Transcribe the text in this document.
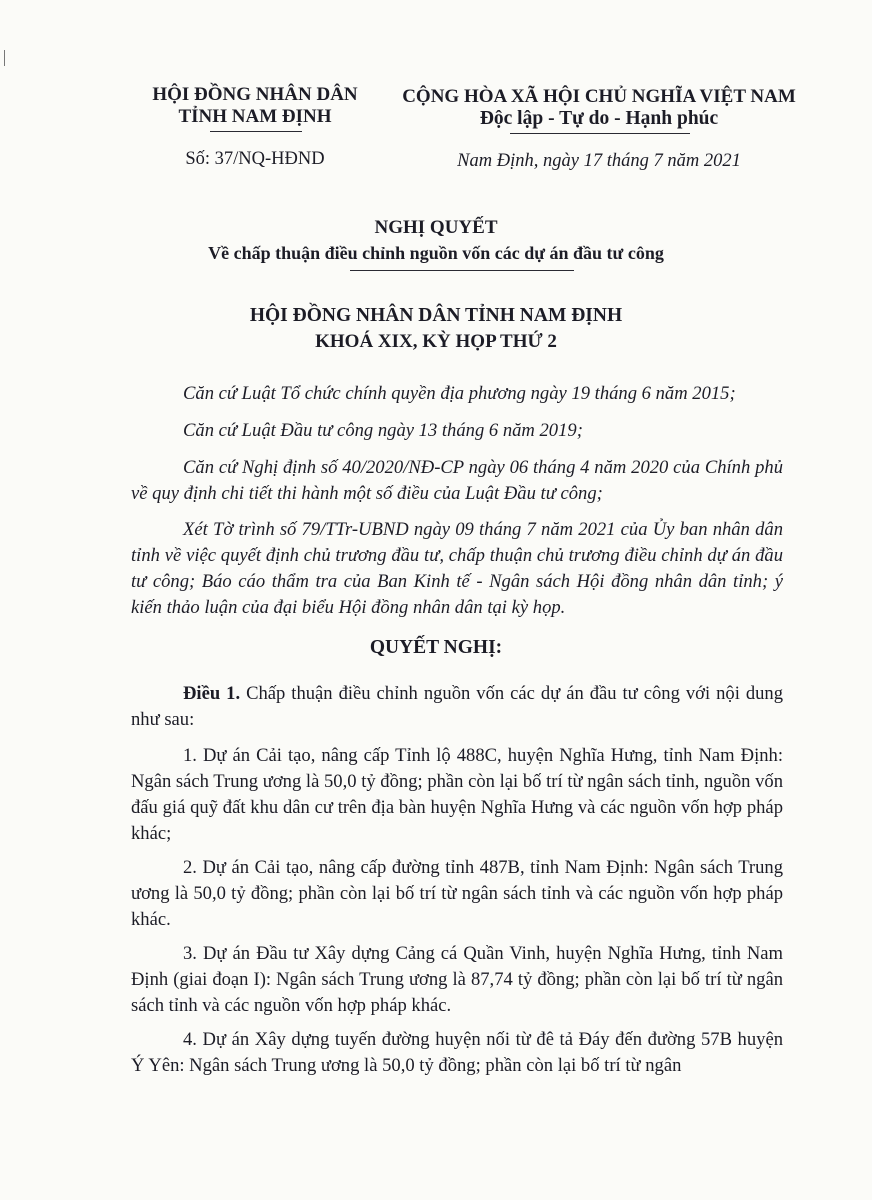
HỘI ĐỒNG NHÂN DÂN
TỈNH NAM ĐỊNH
Số: 37/NQ-HĐND
CỘNG HÒA XÃ HỘI CHỦ NGHĨA VIỆT NAM
Độc lập - Tự do - Hạnh phúc
Nam Định, ngày 17 tháng 7 năm 2021
NGHỊ QUYẾT
Về chấp thuận điều chỉnh nguồn vốn các dự án đầu tư công
HỘI ĐỒNG NHÂN DÂN TỈNH NAM ĐỊNH
KHOÁ XIX, KỲ HỌP THỨ 2
Căn cứ Luật Tổ chức chính quyền địa phương ngày 19 tháng 6 năm 2015;
Căn cứ Luật Đầu tư công ngày 13 tháng 6 năm 2019;
Căn cứ Nghị định số 40/2020/NĐ-CP ngày 06 tháng 4 năm 2020 của Chính phủ về quy định chi tiết thi hành một số điều của Luật Đầu tư công;
Xét Tờ trình số 79/TTr-UBND ngày 09 tháng 7 năm 2021 của Ủy ban nhân dân tỉnh về việc quyết định chủ trương đầu tư, chấp thuận chủ trương điều chỉnh dự án đầu tư công; Báo cáo thẩm tra của Ban Kinh tế - Ngân sách Hội đồng nhân dân tỉnh; ý kiến thảo luận của đại biểu Hội đồng nhân dân tại kỳ họp.
QUYẾT NGHỊ:
Điều 1. Chấp thuận điều chỉnh nguồn vốn các dự án đầu tư công với nội dung như sau:
1. Dự án Cải tạo, nâng cấp Tỉnh lộ 488C, huyện Nghĩa Hưng, tỉnh Nam Định: Ngân sách Trung ương là 50,0 tỷ đồng; phần còn lại bố trí từ ngân sách tỉnh, nguồn vốn đấu giá quỹ đất khu dân cư trên địa bàn huyện Nghĩa Hưng và các nguồn vốn hợp pháp khác;
2. Dự án Cải tạo, nâng cấp đường tỉnh 487B, tỉnh Nam Định: Ngân sách Trung ương là 50,0 tỷ đồng; phần còn lại bố trí từ ngân sách tỉnh và các nguồn vốn hợp pháp khác.
3. Dự án Đầu tư Xây dựng Cảng cá Quần Vinh, huyện Nghĩa Hưng, tỉnh Nam Định (giai đoạn I): Ngân sách Trung ương là 87,74 tỷ đồng; phần còn lại bố trí từ ngân sách tỉnh và các nguồn vốn hợp pháp khác.
4. Dự án Xây dựng tuyến đường huyện nối từ đê tả Đáy đến đường 57B huyện Ý Yên: Ngân sách Trung ương là 50,0 tỷ đồng; phần còn lại bố trí từ ngân
